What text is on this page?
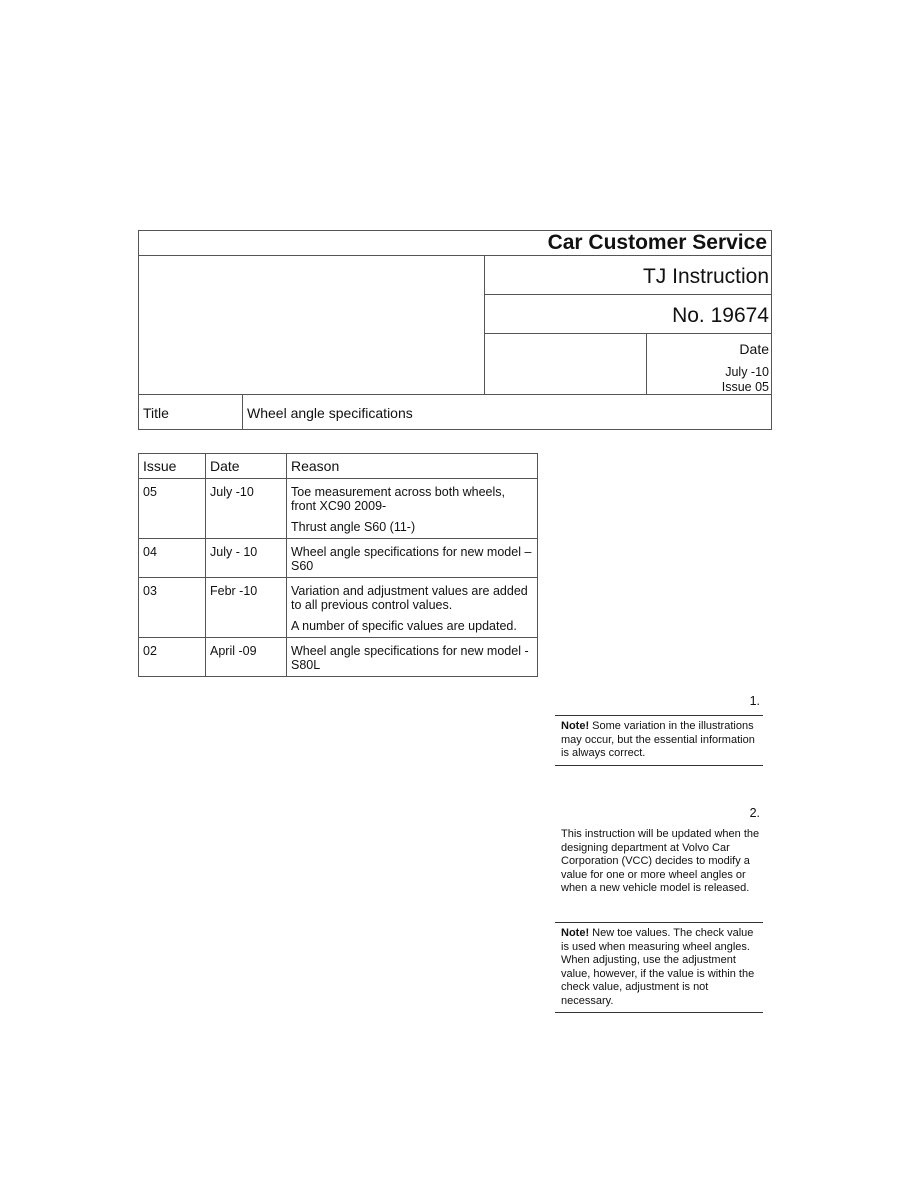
Car Customer Service
TJ Instruction
No. 19674
Date
July -10
Issue 05
Title	Wheel angle specifications
Issue	Date	Reason
05	July -10	Toe measurement across both wheels, front XC90 2009-
Thrust angle S60 (11-)

04	July - 10	Wheel angle specifications for new model – S60

03	Febr -10	Variation and adjustment values are added to all previous control values.
A number of specific values are updated.

02	April -09	Wheel angle specifications for new model - S80L
1.
Note! Some variation in the illustrations may occur, but the essential information is always correct.
2.
This instruction will be updated when the designing department at Volvo Car Corporation (VCC) decides to modify a value for one or more wheel angles or when a new vehicle model is released.
Note! New toe values. The check value is used when measuring wheel angles. When adjusting, use the adjustment value, however, if the value is within the check value, adjustment is not necessary.
